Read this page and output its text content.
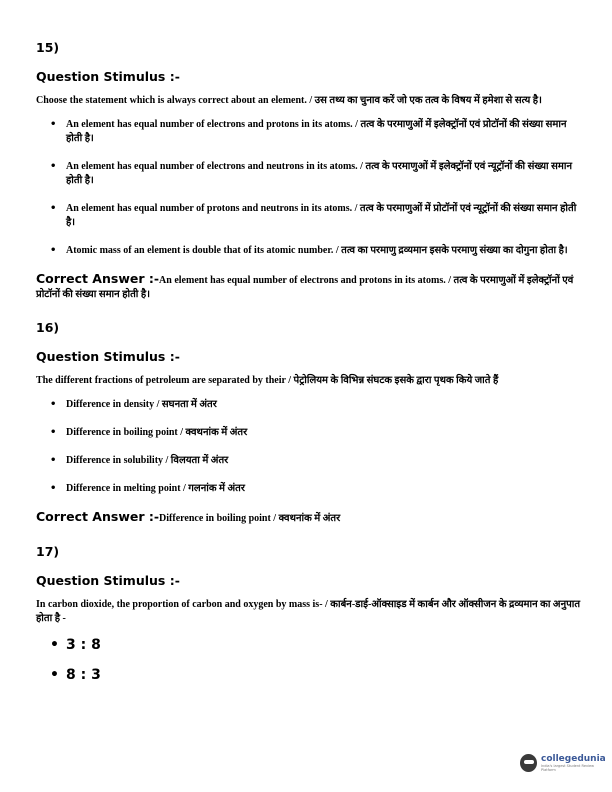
15)
Question Stimulus :-
Choose the statement which is always correct about an element. / उस तथ्य का चुनाव करें जो एक तत्व के विषय में हमेशा से सत्य है।
• An element has equal number of electrons and protons in its atoms. / तत्व के परमाणुओं में इलेक्ट्रॉनों एवं प्रोटॉनों की संख्या समान होती है।
• An element has equal number of electrons and neutrons in its atoms. / तत्व के परमाणुओं में इलेक्ट्रॉनों एवं न्यूट्रॉनों की संख्या समान होती है।
• An element has equal number of protons and neutrons in its atoms. / तत्व के परमाणुओं में प्रोटॉनों एवं न्यूट्रॉनों की संख्या समान होती है।
• Atomic mass of an element is double that of its atomic number. / तत्व का परमाणु द्रव्यमान इसके परमाणु संख्या का दोगुना होता है।
Correct Answer :-An element has equal number of electrons and protons in its atoms. / तत्व के परमाणुओं में इलेक्ट्रॉनों एवं प्रोटॉनों की संख्या समान होती है।
16)
Question Stimulus :-
The different fractions of petroleum are separated by their / पेट्रोलियम के विभिन्न संघटक इसके द्वारा पृथक किये जाते हैं
• Difference in density / सघनता में अंतर
• Difference in boiling point / क्वथनांक में अंतर
• Difference in solubility / विलयता में अंतर
• Difference in melting point / गलनांक में अंतर
Correct Answer :-Difference in boiling point / क्वथनांक में अंतर
17)
Question Stimulus :-
In carbon dioxide, the proportion of carbon and oxygen by mass is- / कार्बन-डाई-ऑक्साइड में कार्बन और ऑक्सीजन के द्रव्यमान का अनुपात होता है -
• 3 : 8
• 8 : 3
collegedunia
India's largest Student Review Platform
